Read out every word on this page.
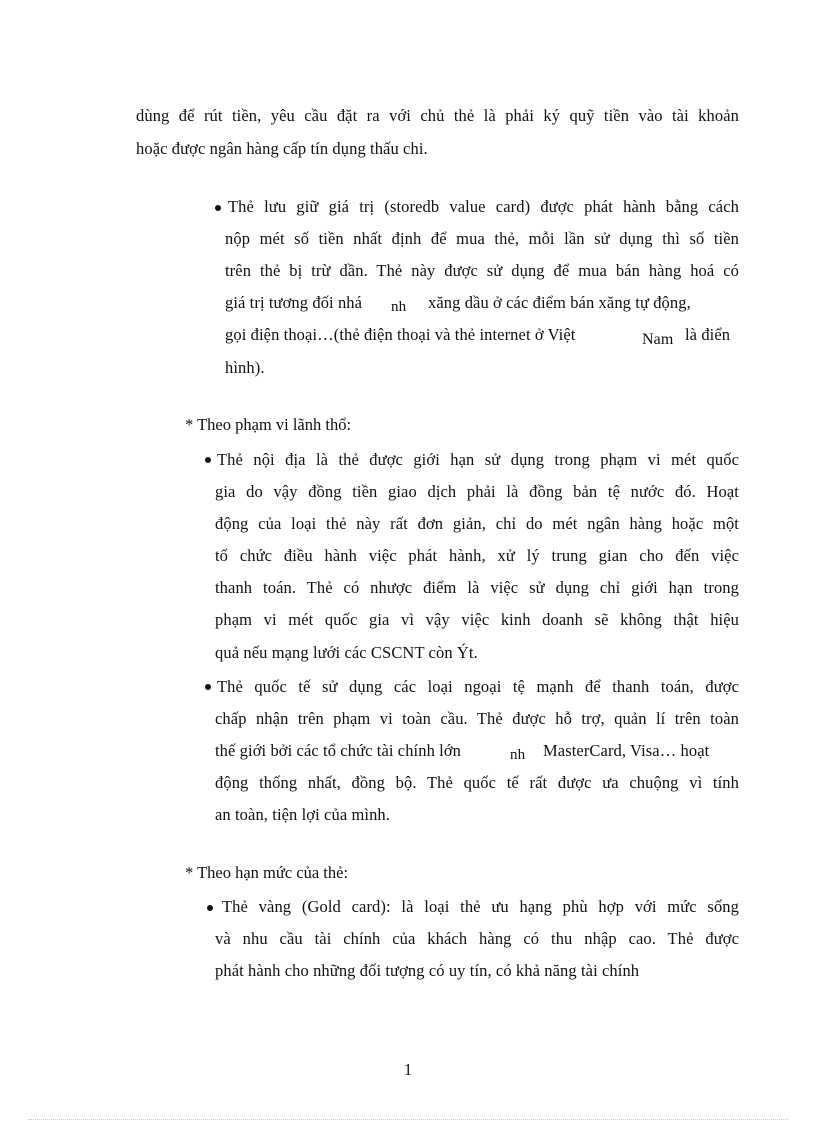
dùng để rút tiền, yêu cầu đặt ra với chủ thẻ là phải ký quỹ tiền vào tài khoản
hoặc được ngân hàng cấp tín dụng thấu chi.
Thẻ lưu giữ giá trị (storedb value card) được phát hành bằng cách
nộp mét số tiền nhất định để mua thẻ, mỗi lần sử dụng thì số tiền
trên thẻ bị trừ dần. Thẻ này được sử dụng để mua bán hàng hoá có
giá trị tương đối nhá nh xăng dầu ở các điểm bán xăng tự động,
gọi điện thoại…(thẻ điện thoại và thẻ internet ở Việt	Nam là điển
hình).
* Theo phạm vi lãnh thổ:
Thẻ nội địa là thẻ được giới hạn sử dụng trong phạm vi mét quốc
gia do vậy đồng tiền giao dịch phải là đồng bản tệ nước đó. Hoạt
động của loại thẻ này rất đơn giản, chỉ do mét ngân hàng hoặc một
tổ chức điều hành việc phát hành, xử lý trung gian cho đến việc
thanh toán. Thẻ có nhược điểm là việc sử dụng chỉ giới hạn trong
phạm vi mét quốc gia vì vậy việc kinh doanh sẽ không thật hiệu
quả nếu mạng lưới các CSCNT còn Ýt.
Thẻ quốc tế sử dụng các loại ngoại tệ mạnh để thanh toán, được
chấp nhận trên phạm vi toàn cầu. Thẻ được hỗ trợ, quản lí trên toàn
thế giới bởi các tổ chức tài chính lớn	nh MasterCard, Visa… hoạt
động thống nhất, đồng bộ. Thẻ quốc tế rất được ưa chuộng vì tính
an toàn, tiện lợi của mình.
* Theo hạn mức của thẻ:
Thẻ vàng (Gold card): là loại thẻ ưu hạng phù hợp với mức sống
và nhu cầu tài chính của khách hàng có thu nhập cao. Thẻ được
phát hành cho những đối tượng có uy tín, có khả năng tài chính
1
